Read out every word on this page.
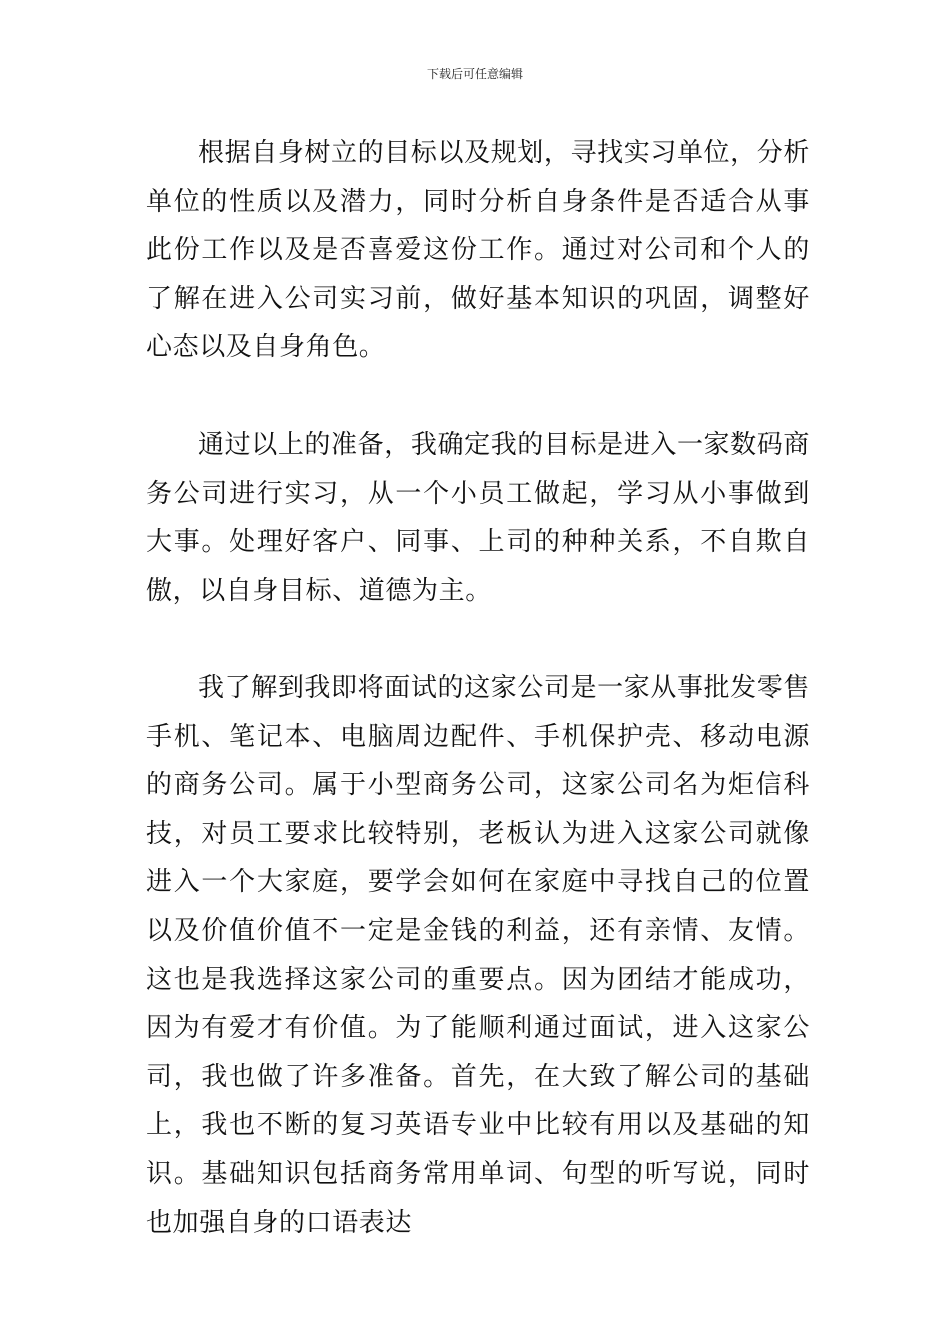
下载后可任意编辑

根据自身树立的目标以及规划，寻找实习单位，分析单位的性质以及潜力，同时分析自身条件是否适合从事此份工作以及是否喜爱这份工作。通过对公司和个人的了解在进入公司实习前，做好基本知识的巩固，调整好心态以及自身角色。

通过以上的准备，我确定我的目标是进入一家数码商务公司进行实习，从一个小员工做起，学习从小事做到大事。处理好客户、同事、上司的种种关系，不自欺自傲，以自身目标、道德为主。

我了解到我即将面试的这家公司是一家从事批发零售手机、笔记本、电脑周边配件、手机保护壳、移动电源的商务公司。属于小型商务公司，这家公司名为炬信科技，对员工要求比较特别，老板认为进入这家公司就像进入一个大家庭，要学会如何在家庭中寻找自己的位置以及价值价值不一定是金钱的利益，还有亲情、友情。这也是我选择这家公司的重要点。因为团结才能成功，因为有爱才有价值。为了能顺利通过面试，进入这家公司，我也做了许多准备。首先，在大致了解公司的基础上，我也不断的复习英语专业中比较有用以及基础的知识。基础知识包括商务常用单词、句型的听写说，同时也加强自身的口语表达
